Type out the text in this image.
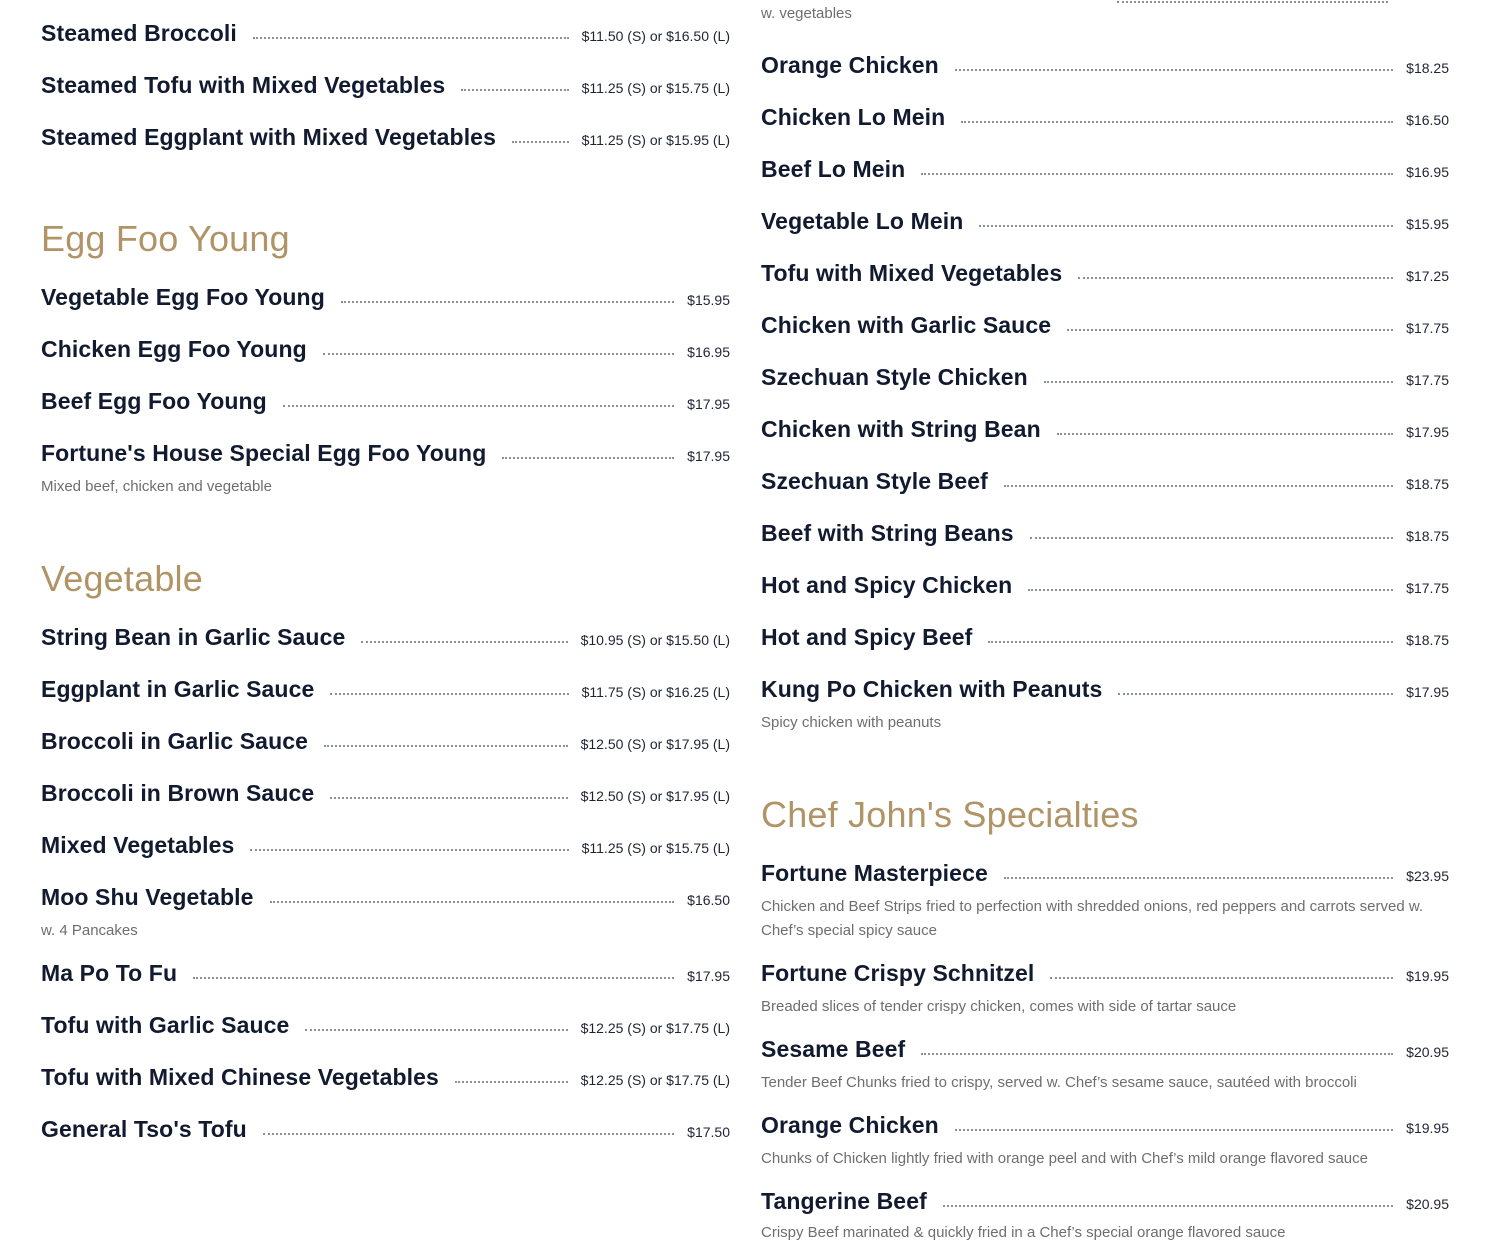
Steamed Broccoli	$11.50 (S) or $16.50 (L)
Steamed Tofu with Mixed Vegetables	$11.25 (S) or $15.75 (L)
Steamed Eggplant with Mixed Vegetables	$11.25 (S) or $15.95 (L)
Egg Foo Young
Vegetable Egg Foo Young	$15.95
Chicken Egg Foo Young	$16.95
Beef Egg Foo Young	$17.95
Fortune's House Special Egg Foo Young	$17.95
Mixed beef, chicken and vegetable
Vegetable
String Bean in Garlic Sauce	$10.95 (S) or $15.50 (L)
Eggplant in Garlic Sauce	$11.75 (S) or $16.25 (L)
Broccoli in Garlic Sauce	$12.50 (S) or $17.95 (L)
Broccoli in Brown Sauce	$12.50 (S) or $17.95 (L)
Mixed Vegetables	$11.25 (S) or $15.75 (L)
Moo Shu Vegetable	$16.50
w. 4 Pancakes
Ma Po To Fu	$17.95
Tofu with Garlic Sauce	$12.25 (S) or $17.75 (L)
Tofu with Mixed Chinese Vegetables	$12.25 (S) or $17.75 (L)
General Tso's Tofu	$17.50
w. vegetables
Orange Chicken	$18.25
Chicken Lo Mein	$16.50
Beef Lo Mein	$16.95
Vegetable Lo Mein	$15.95
Tofu with Mixed Vegetables	$17.25
Chicken with Garlic Sauce	$17.75
Szechuan Style Chicken	$17.75
Chicken with String Bean	$17.95
Szechuan Style Beef	$18.75
Beef with String Beans	$18.75
Hot and Spicy Chicken	$17.75
Hot and Spicy Beef	$18.75
Kung Po Chicken with Peanuts	$17.95
Spicy chicken with peanuts
Chef John's Specialties
Fortune Masterpiece	$23.95
Chicken and Beef Strips fried to perfection with shredded onions, red peppers and carrots served w. Chef’s special spicy sauce
Fortune Crispy Schnitzel	$19.95
Breaded slices of tender crispy chicken, comes with side of tartar sauce
Sesame Beef	$20.95
Tender Beef Chunks fried to crispy, served w. Chef’s sesame sauce, sautéed with broccoli
Orange Chicken	$19.95
Chunks of Chicken lightly fried with orange peel and with Chef’s mild orange flavored sauce
Tangerine Beef	$20.95
Crispy Beef marinated & quickly fried in a Chef’s special orange flavored sauce
